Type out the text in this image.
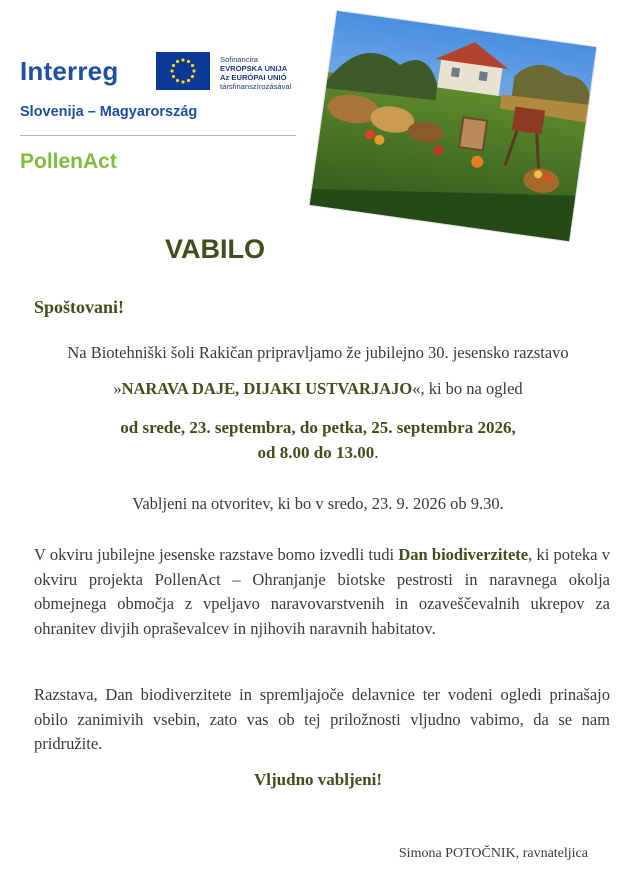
Interreg	Sofinancira
EVROPSKA UNIJA
Az EURÓPAI UNIÓ
társfinanszírozásával
Slovenija – Magyarország
PollenAct
VABILO
Spoštovani!
Na Biotehniški šoli Rakičan pripravljamo že jubilejno 30. jesensko razstavo
»NARAVA DAJE, DIJAKI USTVARJAJO«, ki bo na ogled
od srede, 23. septembra, do petka, 25. septembra 2026,
od 8.00 do 13.00.
Vabljeni na otvoritev, ki bo v sredo, 23. 9. 2026 ob 9.30.
V okviru jubilejne jesenske razstave bomo izvedli tudi Dan biodiverzitete, ki poteka v okviru projekta PollenAct – Ohranjanje biotske pestrosti in naravnega okolja obmejnega območja z vpeljavo naravovarstvenih in ozaveščevalnih ukrepov za ohranitev divjih opraševalcev in njihovih naravnih habitatov.
Razstava, Dan biodiverzitete in spremljajoče delavnice ter vodeni ogledi prinašajo obilo zanimivih vsebin, zato vas ob tej priložnosti vljudno vabimo, da se nam pridružite.
Vljudno vabljeni!
Simona POTOČNIK, ravnateljica
